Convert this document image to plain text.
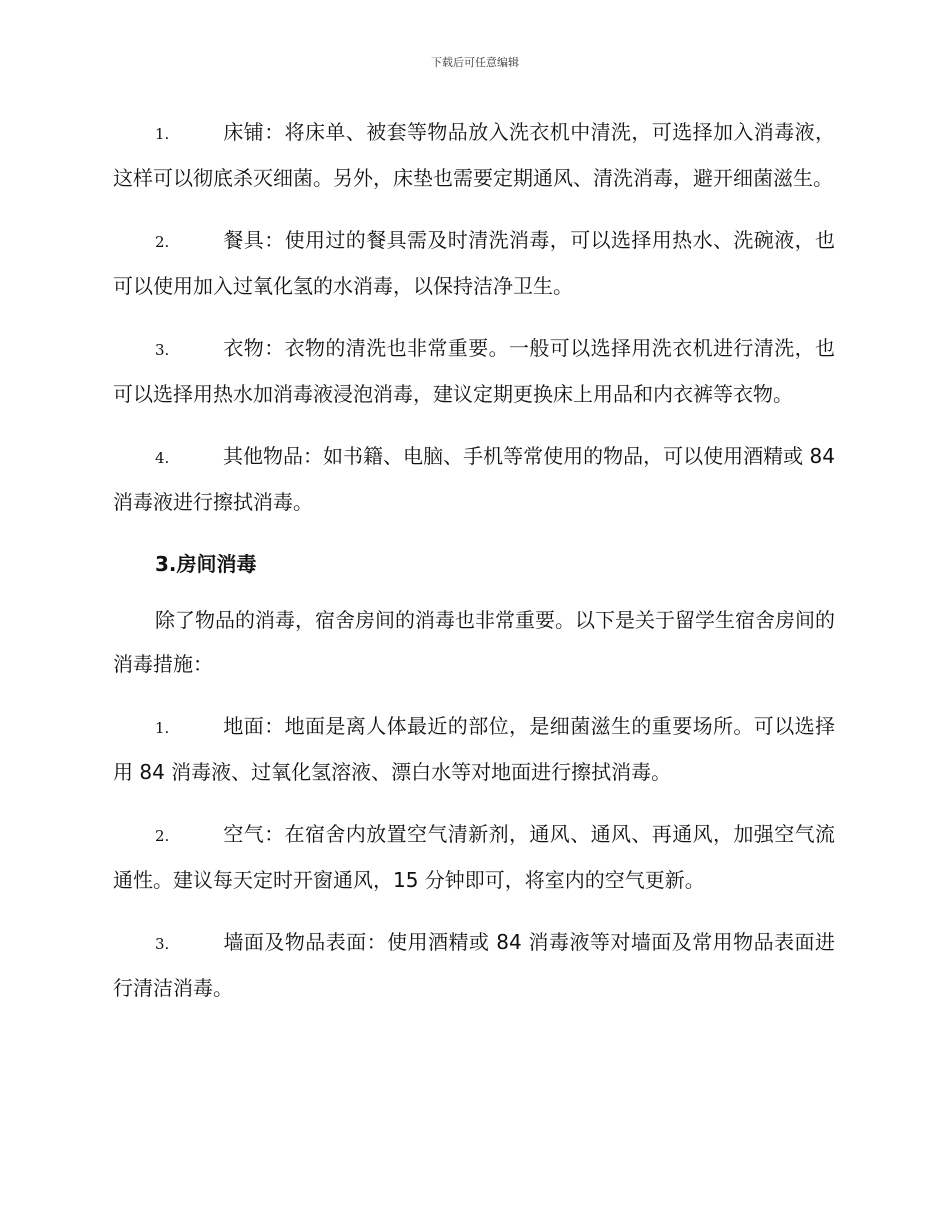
下载后可任意编辑

1.	床铺：将床单、被套等物品放入洗衣机中清洗，可选择加入消毒液，这样可以彻底杀灭细菌。另外，床垫也需要定期通风、清洗消毒，避开细菌滋生。

2.	餐具：使用过的餐具需及时清洗消毒，可以选择用热水、洗碗液，也可以使用加入过氧化氢的水消毒，以保持洁净卫生。

3.	衣物：衣物的清洗也非常重要。一般可以选择用洗衣机进行清洗，也可以选择用热水加消毒液浸泡消毒，建议定期更换床上用品和内衣裤等衣物。

4.	其他物品：如书籍、电脑、手机等常使用的物品，可以使用酒精或 84 消毒液进行擦拭消毒。

3.房间消毒

除了物品的消毒，宿舍房间的消毒也非常重要。以下是关于留学生宿舍房间的消毒措施：

1.	地面：地面是离人体最近的部位，是细菌滋生的重要场所。可以选择用 84 消毒液、过氧化氢溶液、漂白水等对地面进行擦拭消毒。

2.	空气：在宿舍内放置空气清新剂，通风、通风、再通风，加强空气流通性。建议每天定时开窗通风，15 分钟即可，将室内的空气更新。

3.	墙面及物品表面：使用酒精或 84 消毒液等对墙面及常用物品表面进行清洁消毒。
